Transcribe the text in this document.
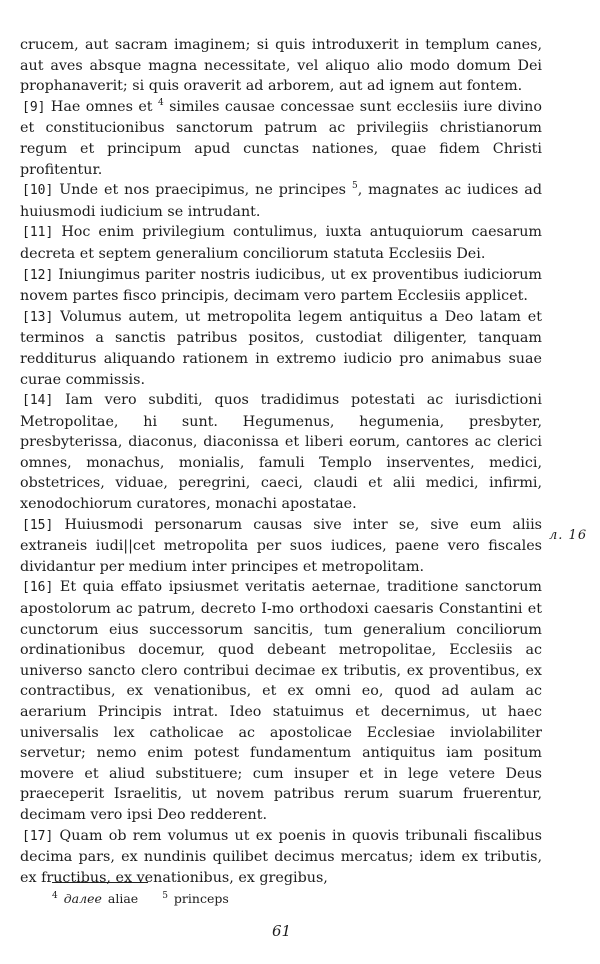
crucem, aut sacram imaginem; si quis introduxerit in templum canes, aut aves absque magna necessitate, vel aliquo alio modo domum Dei prophanaverit; si quis oraverit ad arborem, aut ad ignem aut fontem.

[9] Hae omnes et $^4$ similes causae concessae sunt ecclesiis iure divino et constitucionibus sanctorum patrum ac privilegiis christianorum regum et principum apud cunctas nationes, quae fidem Christi profitentur.

[10] Unde et nos praecipimus, ne principes $^5$, magnates ac iudices ad huiusmodi iudicium se intrudant.

[11] Hoc enim privilegium contulimus, iuxta antuquiorum caesarum decreta et septem generalium conciliorum statuta Ecclesiis Dei.

[12] Iniungimus pariter nostris iudicibus, ut ex proventibus iudiciorum novem partes fisco principis, decimam vero partem Ecclesiis applicet.

[13] Volumus autem, ut metropolita legem antiquitus a Deo latam et terminos a sanctis patribus positos, custodiat diligenter, tanquam redditurus aliquando rationem in extremo iudicio pro animabus suae curae commissis.

[14] Iam vero subditi, quos tradidimus potestati ac iurisdictioni Metropolitae, hi sunt. Hegumenus, hegumenia, presbyter, presbyterissa, diaconus, diaconissa et liberi eorum, cantores ac clerici omnes, monachus, monialis, famuli Templo inserventes, medici, obstetrices, viduae, peregrini, caeci, claudi et alii medici, infirmi, xenodochiorum curatores, monachi apostatae.

[15] Huiusmodi personarum causas sive inter se, sive eum aliis extraneis iudi||cet metropolita per suos iudices, paene vero fiscales dividantur per medium inter principes et metropolitam.

[16] Et quia effato ipsiusmet veritatis aeternae, traditione sanctorum apostolorum ac patrum, decreto I-mo orthodoxi caesaris Constantini et cunctorum eius successorum sancitis, tum generalium conciliorum ordinationibus docemur, quod debeant metropolitae, Ecclesiis ac universo sancto clero contribui decimae ex tributis, ex proventibus, ex contractibus, ex venationibus, et ex omni eo, quod ad aulam ac aerarium Principis intrat. Ideo statuimus et decernimus, ut haec universalis lex catholicae ac apostolicae Ecclesiae inviolabiliter servetur; nemo enim potest fundamentum antiquitus iam positum movere et aliud substituere; cum insuper et in lege vetere Deus praeceperit Israelitis, ut novem patribus rerum suarum fruerentur, decimam vero ipsi Deo redderent.

[17] Quam ob rem volumus ut ex poenis in quovis tribunali fiscalibus decima pars, ex nundinis quilibet decimus mercatus; idem ex tributis, ex fructibus, ex venationibus, ex gregibus,

л. 16
$^4$ далее aliae	$^5$ princeps
61
